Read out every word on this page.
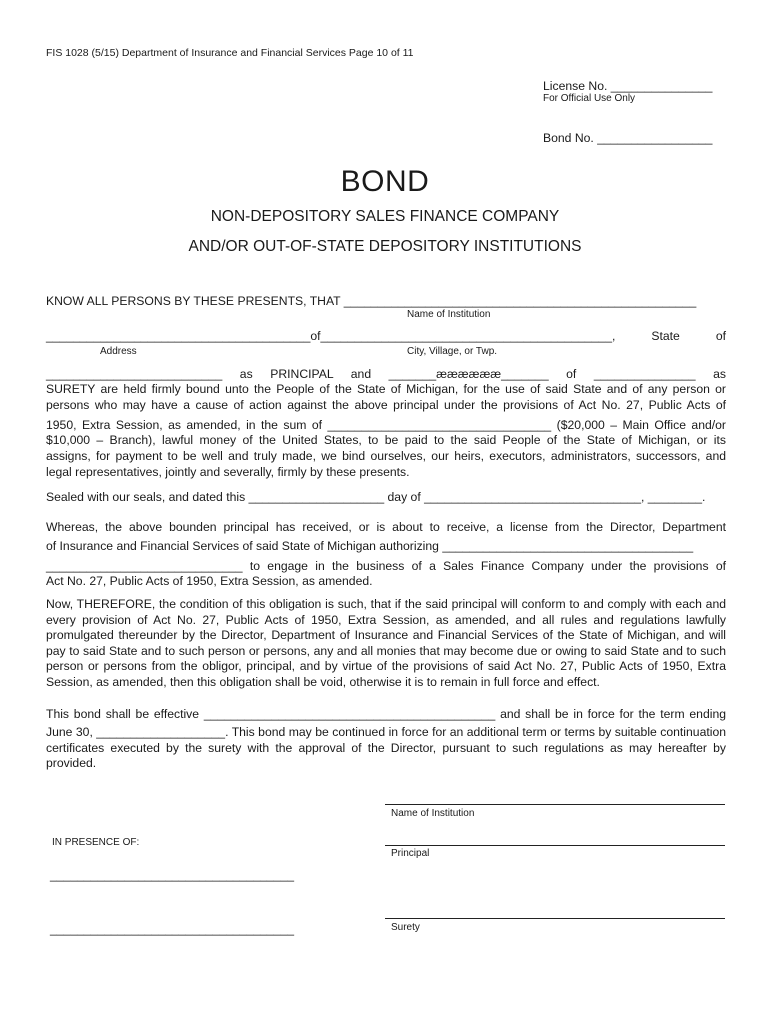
FIS 1028 (5/15) Department of Insurance and Financial Services Page 10 of 11
License No. _______________
For Official Use Only
Bond No. _________________
BOND
NON-DEPOSITORY SALES FINANCE COMPANY
AND/OR OUT-OF-STATE DEPOSITORY INSTITUTIONS
KNOW ALL PERSONS BY THESE PRESENTS, THAT ____________________________________________________
Name of Institution
_______________________________________of___________________________________________, State of
Address	City, Village, or Twp.
__________________________ as PRINCIPAL and _______ææææææ_______ of _______________ as
SURETY are held firmly bound unto the People of the State of Michigan, for the use of said State and of any person or
persons who may have a cause of action against the above principal under the provisions of Act No. 27, Public Acts of
1950, Extra Session, as amended, in the sum of _________________________________ ($20,000 – Main Office and/or
$10,000 – Branch), lawful money of the United States, to be paid to the said People of the State of Michigan, or its
assigns, for payment to be well and truly made, we bind ourselves, our heirs, executors, administrators, successors, and
legal representatives, jointly and severally, firmly by these presents.
Sealed with our seals, and dated this ____________________ day of ________________________________, ________.
Whereas, the above bounden principal has received, or is about to receive, a license from the Director, Department
of Insurance and Financial Services of said State of Michigan authorizing _____________________________________
_____________________________ to engage in the business of a Sales Finance Company under the provisions of
Act No. 27, Public Acts of 1950, Extra Session, as amended.
Now, THEREFORE, the condition of this obligation is such, that if the said principal will conform to and comply with each and every provision of Act No. 27, Public Acts of 1950, Extra Session, as amended, and all rules and regulations lawfully promulgated thereunder by the Director, Department of Insurance and Financial Services of the State of Michigan, and will pay to said State and to such person or persons, any and all monies that may become due or owing to said State and to such person or persons from the obligor, principal, and by virtue of the provisions of said Act No. 27, Public Acts of 1950, Extra Session, as amended, then this obligation shall be void, otherwise it is to remain in full force and effect.
This bond shall be effective ___________________________________________ and shall be in force for the term ending
June 30, ___________________. This bond may be continued in force for an additional term or terms by suitable continuation certificates executed by the surety with the approval of the Director, pursuant to such regulations as may hereafter by provided.
Name of Institution
IN PRESENCE OF:
Principal
____________________________________
____________________________________	Surety
